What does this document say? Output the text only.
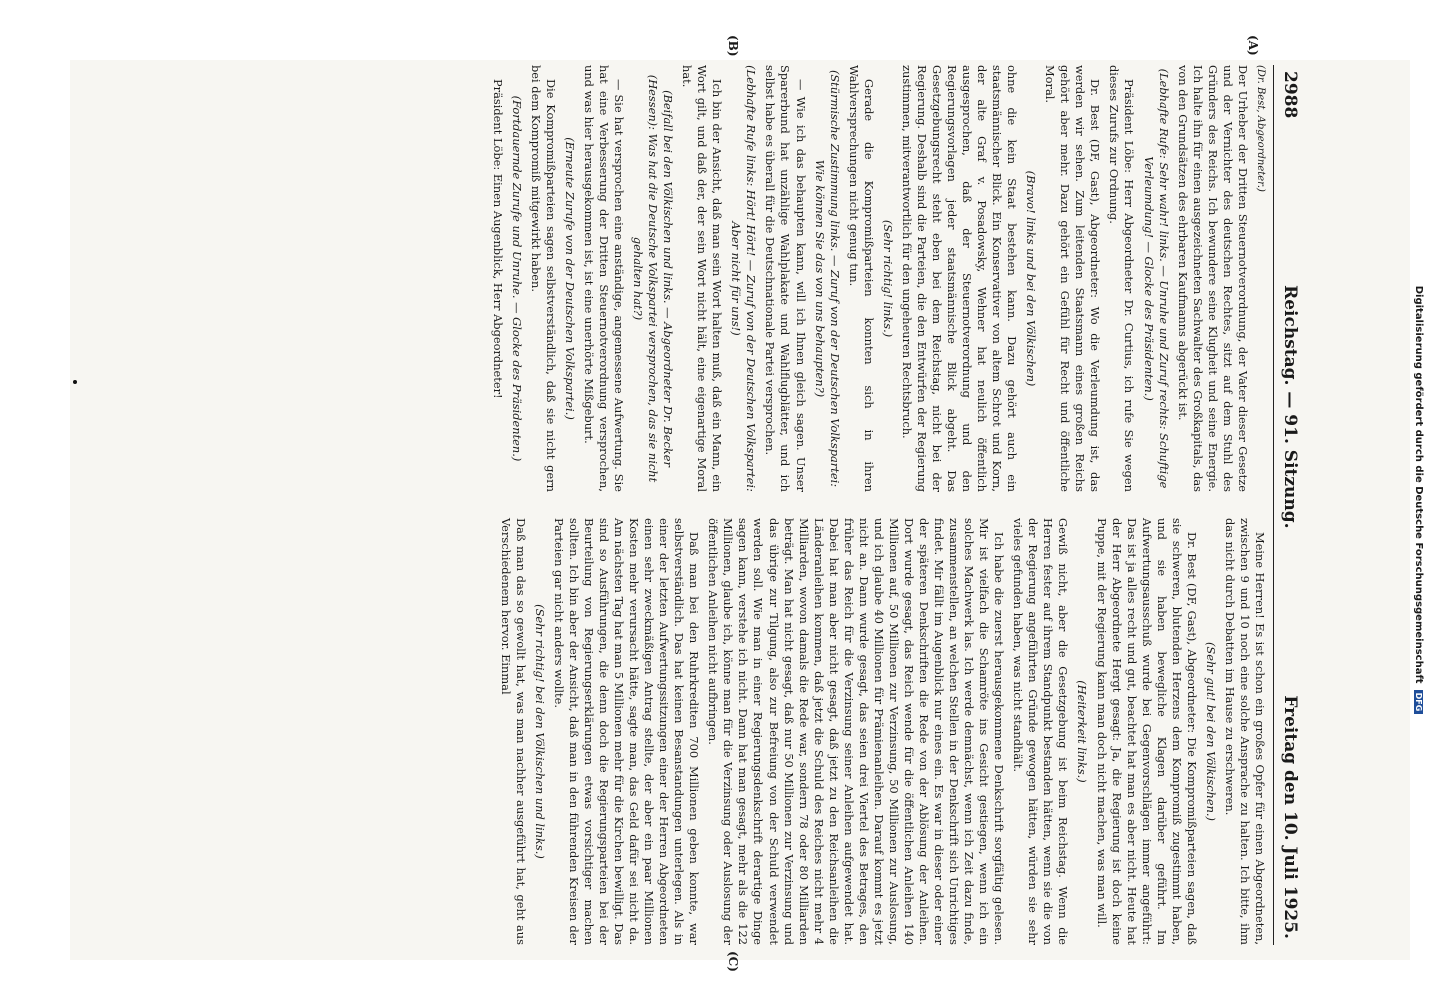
2988
Reichstag. — 91. Sitzung.
Freitag den 10. Juli 1925.

(Dr. Best, Abgeordneter.)

Der Urheber der Dritten Steuernotverordnung, der Vater dieser Gesetze und der Vernichter des deutschen Rechtes, sitzt auf dem Stuhl des Gründers des Reichs. Ich bewundere seine Klugheit und seine Energie. Ich halte ihn für einen ausgezeichneten Sachwalter des Großkapitals, das von den Grundsätzen des ehrbaren Kaufmanns abgerückt ist.

(Lebhafte Rufe: Sehr wahr! links. — Unruhe und Zuruf rechts: Schuftige Verleumdung! — Glocke des Präsidenten.)

Präsident Löbe: Herr Abgeordneter Dr. Curtius, ich rufe Sie wegen dieses Zurufs zur Ordnung.

Dr. Best (DF, Gast), Abgeordneter: Wo die Verleumdung ist, das werden wir sehen. Zum leitenden Staatsmann eines großen Reichs gehört aber mehr. Dazu gehört ein Gefühl für Recht und öffentliche Moral.

(Bravo! links und bei den Völkischen)

ohne die kein Staat bestehen kann. Dazu gehört auch ein staatsmännischer Blick. Ein Konservativer von altem Schrot und Korn, der alte Graf v. Posadowsky, Wehner hat neulich öffentlich ausgesprochen, daß der Steuernotverordnung und den Regierungsvorlagen jeder staatsmännische Blick abgeht. Das Gesetzgebungsrecht steht eben bei dem Reichstag, nicht bei der Regierung. Deshalb sind die Parteien, die den Entwürfen der Regierung zustimmen, mitverantwortlich für den ungeheuren Rechtsbruch.

(Sehr richtig! links.)

Gerade die Kompromißparteien konnten sich in ihren Wahlversprechungen nicht genug tun.

(Stürmische Zustimmung links. — Zuruf von der Deutschen Volkspartei: Wie können Sie das von uns behaupten?)

— Wie ich das behaupten kann, will ich Ihnen gleich sagen. Unser Sparerbund hat unzählige Wahlplakate und Wahlflugblätter, und ich selbst habe es überall für die Deutschnationale Partei versprochen.

(Lebhafte Rufe links: Hört! Hört! — Zuruf von der Deutschen Volkspartei: Aber nicht für uns!)

Ich bin der Ansicht, daß man sein Wort halten muß, daß ein Mann, ein Wort gilt, und daß der, der sein Wort nicht hält, eine eigenartige Moral hat.

(Beifall bei den Völkischen und links. — Abgeordneter Dr. Becker (Hessen): Was hat die Deutsche Volkspartei versprochen, das sie nicht gehalten hat?)

— Sie hat versprochen eine anständige, angemessene Aufwertung. Sie hat eine Verbesserung der Dritten Steuernotverordnung versprochen, und was hier herausgekommen ist, ist eine unerhörte Mißgeburt.

(Erneute Zurufe von der Deutschen Volkspartei.)

Die Kompromißparteien sagen selbstverständlich, daß sie nicht gern bei dem Kompromiß mitgewirkt haben.

(Fortdauernde Zurufe und Unruhe. — Glocke des Präsidenten.)

Präsident Löbe: Einen Augenblick, Herr Abgeordneter!

Meine Herren! Es ist schon ein großes Opfer für einen Abgeordneten, zwischen 9 und 10 noch eine solche Ansprache zu halten. Ich bitte, ihm das nicht durch Debatten im Hause zu erschweren.

(Sehr gut! bei den Völkischen.)

Dr. Best (DF, Gast), Abgeordneter: Die Kompromißparteien sagen, daß sie schweren, blutenden Herzens dem Kompromiß zugestimmt haben, und sie haben bewegliche Klagen darüber geführt. Im Aufwertungsausschuß wurde bei Gegenvorschlägen immer angeführt: Das ist ja alles recht und gut, beachtet hat man es aber nicht. Heute hat der Herr Abgeordnete Hergt gesagt: Ja, die Regierung ist doch keine Puppe, mit der Regierung kann man doch nicht machen, was man will.

(Heiterkeit links.)

Gewiß nicht, aber die Gesetzgebung ist beim Reichstag. Wenn die Herren fester auf ihrem Standpunkt bestanden hätten, wenn sie die von der Regierung angeführten Gründe gewogen hätten, würden sie sehr vieles gefunden haben, was nicht standhält.

Ich habe die zuerst herausgekommene Denkschrift sorgfältig gelesen. Mir ist vielfach die Schamröte ins Gesicht gestiegen, wenn ich ein solches Machwerk las. Ich werde demnächst, wenn ich Zeit dazu finde, zusammenstellen, an welchen Stellen in der Denkschrift sich Unrichtiges findet. Mir fällt im Augenblick nur eines ein. Es war in dieser oder einer der späteren Denkschriften die Rede von der Ablösung der Anleihen. Dort wurde gesagt, das Reich wende für die öffentlichen Anleihen 140 Millionen auf, 50 Millionen zur Verzinsung, 50 Millionen zur Auslosung, und ich glaube 40 Millionen für Prämienanleihen. Darauf kommt es jetzt nicht an. Dann wurde gesagt, das seien drei Viertel des Betrages, den früher das Reich für die Verzinsung seiner Anleihen aufgewendet hat. Dabei hat man aber nicht gesagt, daß jetzt zu den Reichsanleihen die Länderanleihen kommen, daß jetzt die Schuld des Reiches nicht mehr 4 Milliarden, wovon damals die Rede war, sondern 78 oder 80 Milliarden beträgt. Man hat nicht gesagt, daß nur 50 Millionen zur Verzinsung und das übrige zur Tilgung, also zur Befreiung von der Schuld verwendet werden soll. Wie man in einer Regierungsdenkschrift derartige Dinge sagen kann, verstehe ich nicht. Dann hat man gesagt, mehr als die 122 Millionen, glaube ich, könne man für die Verzinsung oder Auslosung der öffentlichen Anleihen nicht aufbringen.

Daß man bei den Ruhrkrediten 700 Millionen geben konnte, war selbstverständlich. Das hat keinen Besanstandungen unterlegen. Als in einer der letzten Aufwertungssitzungen einer der Herren Abgeordneten einen sehr zweckmäßigen Antrag stellte, der aber ein paar Millionen Kosten mehr verursacht hätte, sagte man, das Geld dafür sei nicht da. Am nächsten Tag hat man 5 Millionen mehr für die Kirchen bewilligt. Das sind so Ausführungen, die denn doch die Regierungsparteien bei der Beurteilung von Regierungserklärungen etwas vorsichtiger machen sollten. Ich bin aber der Ansicht, daß man in den führenden Kreisen der Parteien gar nicht anders wollte.

(Sehr richtig! bei den Völkischen und links.)

Daß man das so gewollt hat, was man nachher ausgeführt hat, geht aus Verschiedenem hervor. Einmal

(A)
(B)
(C)
Digitalisierung gefördert durch die Deutsche Forschungsgemeinschaft
DFG
